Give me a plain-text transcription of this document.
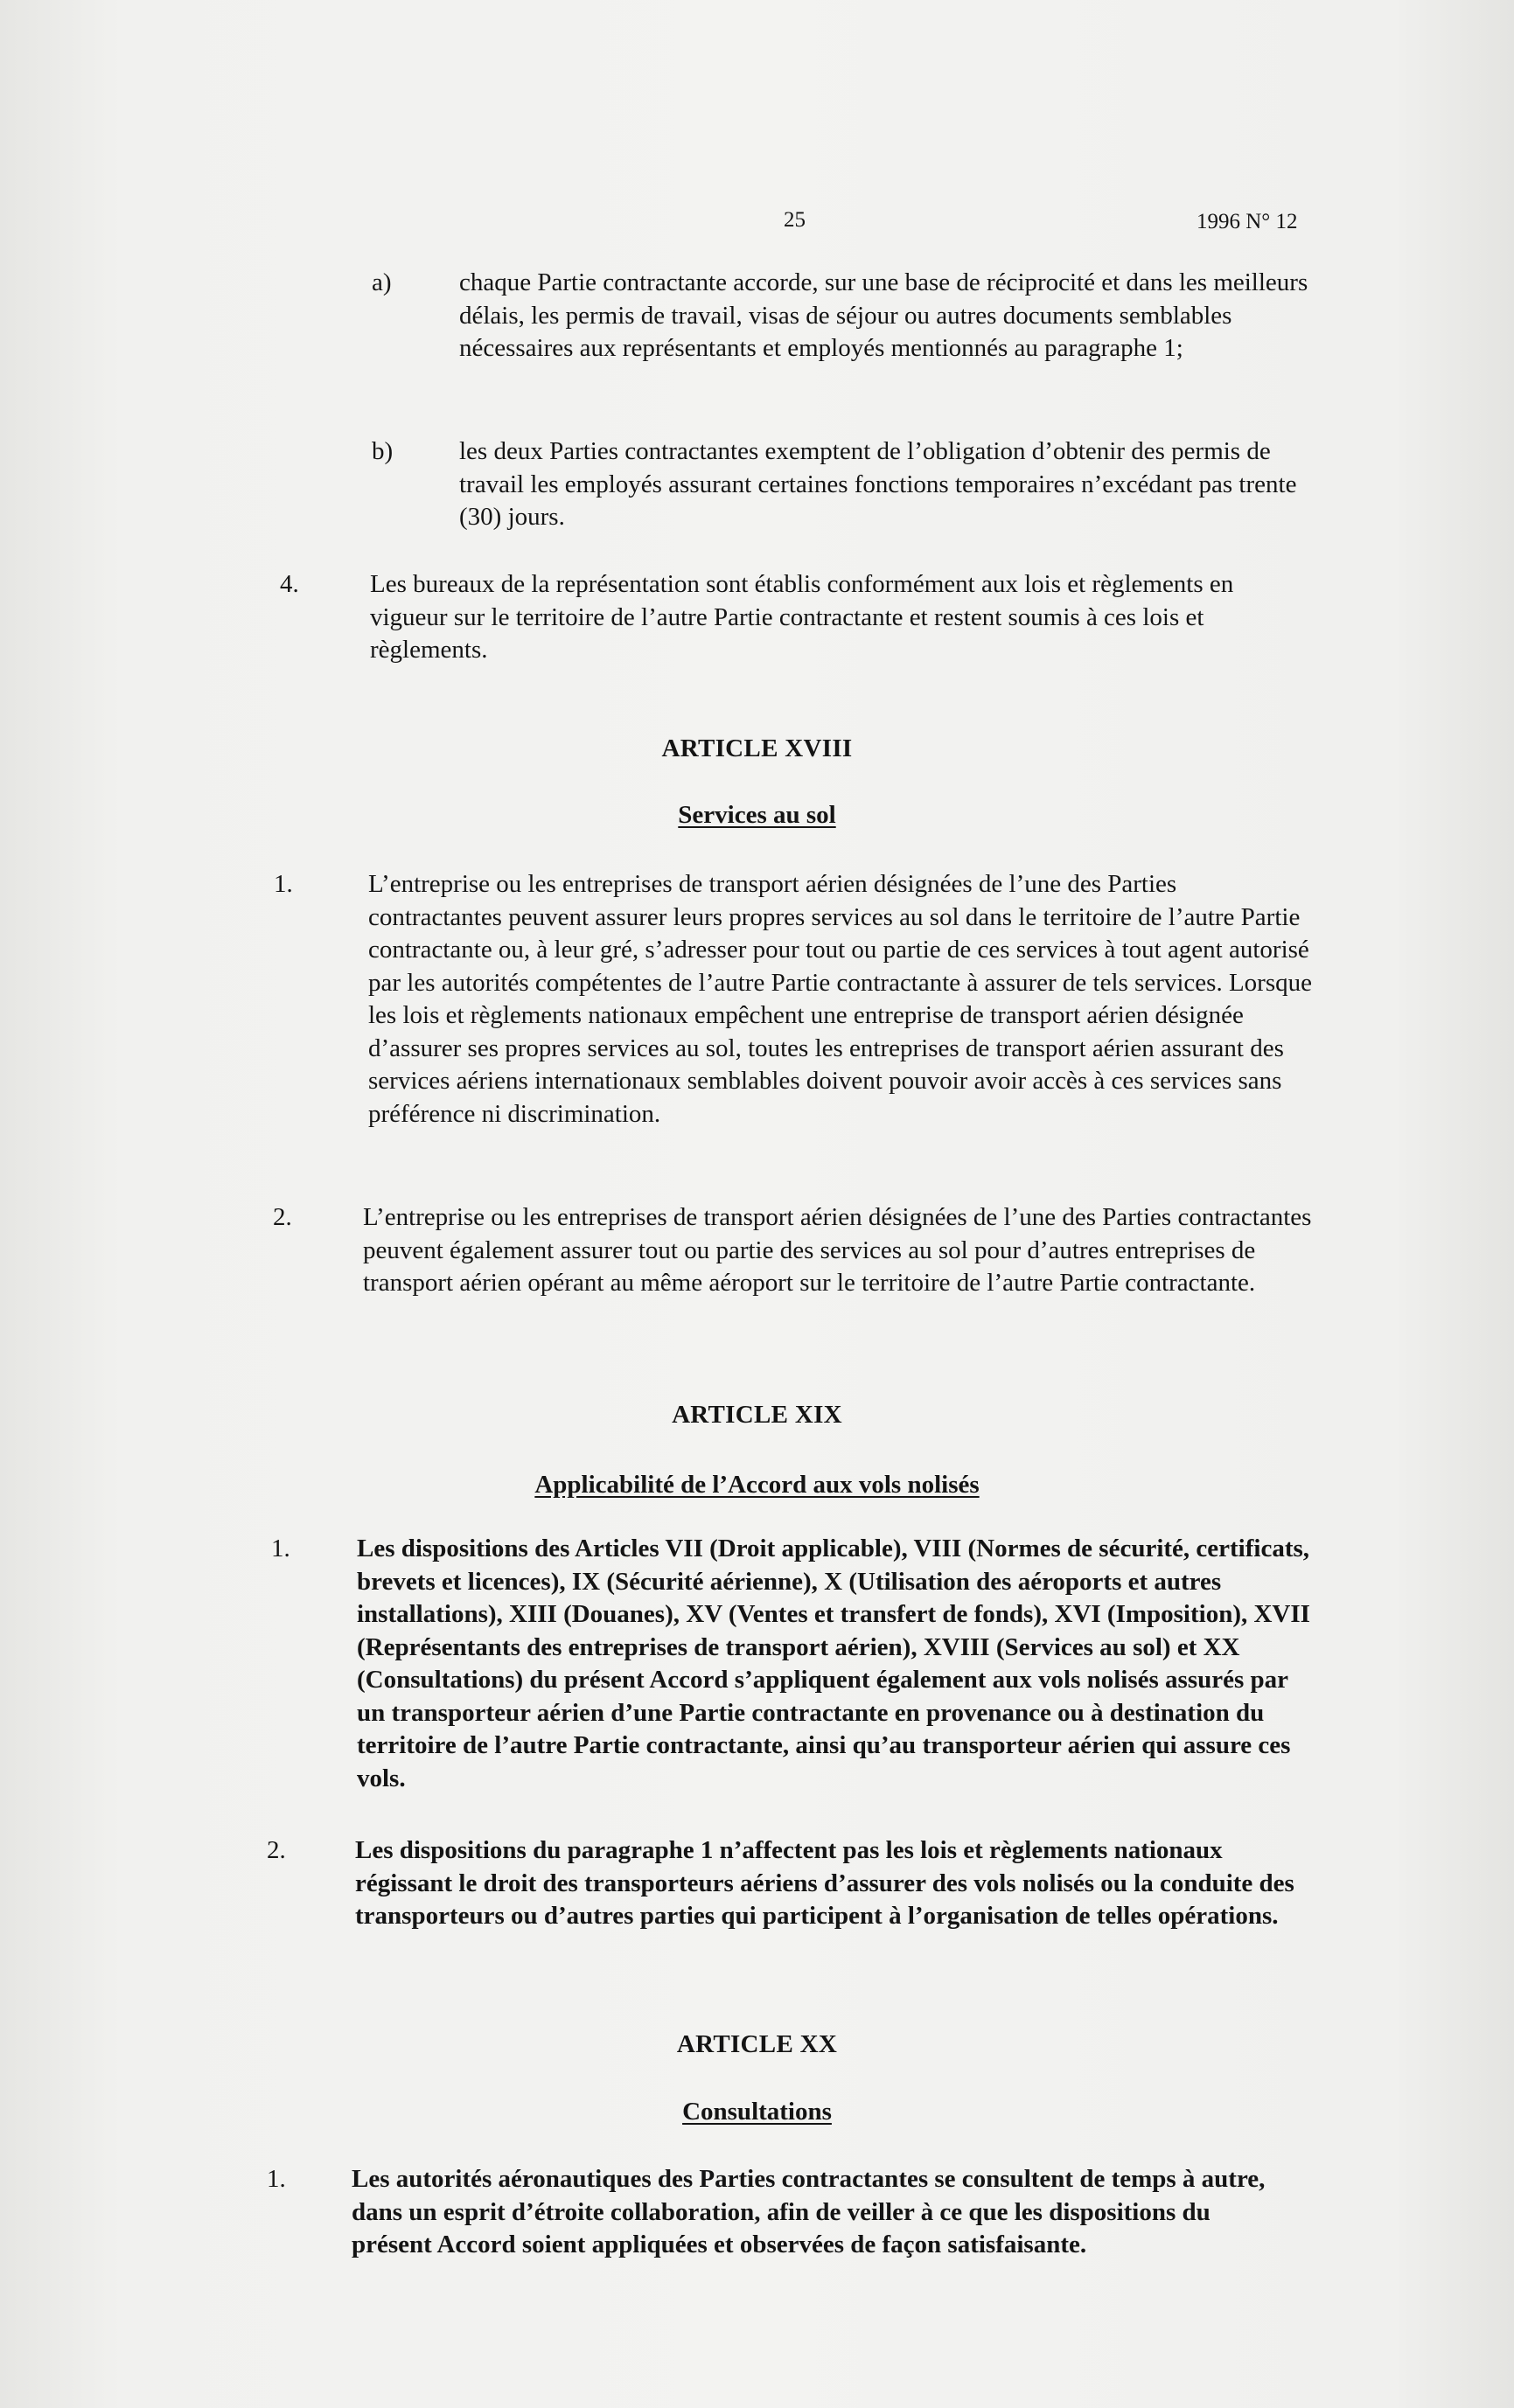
25	1996 N° 12
a)	chaque Partie contractante accorde, sur une base de réciprocité et dans les meilleurs délais, les permis de travail, visas de séjour ou autres documents semblables nécessaires aux représentants et employés mentionnés au paragraphe 1;
b)	les deux Parties contractantes exemptent de l’obligation d’obtenir des permis de travail les employés assurant certaines fonctions temporaires n’excédant pas trente (30) jours.
4.	Les bureaux de la représentation sont établis conformément aux lois et règlements en vigueur sur le territoire de l’autre Partie contractante et restent soumis à ces lois et règlements.
ARTICLE XVIII
Services au sol
1.	L’entreprise ou les entreprises de transport aérien désignées de l’une des Parties contractantes peuvent assurer leurs propres services au sol dans le territoire de l’autre Partie contractante ou, à leur gré, s’adresser pour tout ou partie de ces services à tout agent autorisé par les autorités compétentes de l’autre Partie contractante à assurer de tels services. Lorsque les lois et règlements nationaux empêchent une entreprise de transport aérien désignée d’assurer ses propres services au sol, toutes les entreprises de transport aérien assurant des services aériens internationaux semblables doivent pouvoir avoir accès à ces services sans préférence ni discrimination.
2.	L’entreprise ou les entreprises de transport aérien désignées de l’une des Parties contractantes peuvent également assurer tout ou partie des services au sol pour d’autres entreprises de transport aérien opérant au même aéroport sur le territoire de l’autre Partie contractante.
ARTICLE XIX
Applicabilité de l’Accord aux vols nolisés
1.	Les dispositions des Articles VII (Droit applicable), VIII (Normes de sécurité, certificats, brevets et licences), IX (Sécurité aérienne), X (Utilisation des aéroports et autres installations), XIII (Douanes), XV (Ventes et transfert de fonds), XVI (Imposition), XVII (Représentants des entreprises de transport aérien), XVIII (Services au sol) et XX (Consultations) du présent Accord s’appliquent également aux vols nolisés assurés par un transporteur aérien d’une Partie contractante en provenance ou à destination du territoire de l’autre Partie contractante, ainsi qu’au transporteur aérien qui assure ces vols.
2.	Les dispositions du paragraphe 1 n’affectent pas les lois et règlements nationaux régissant le droit des transporteurs aériens d’assurer des vols nolisés ou la conduite des transporteurs ou d’autres parties qui participent à l’organisation de telles opérations.
ARTICLE XX
Consultations
1.	Les autorités aéronautiques des Parties contractantes se consultent de temps à autre, dans un esprit d’étroite collaboration, afin de veiller à ce que les dispositions du présent Accord soient appliquées et observées de façon satisfaisante.
